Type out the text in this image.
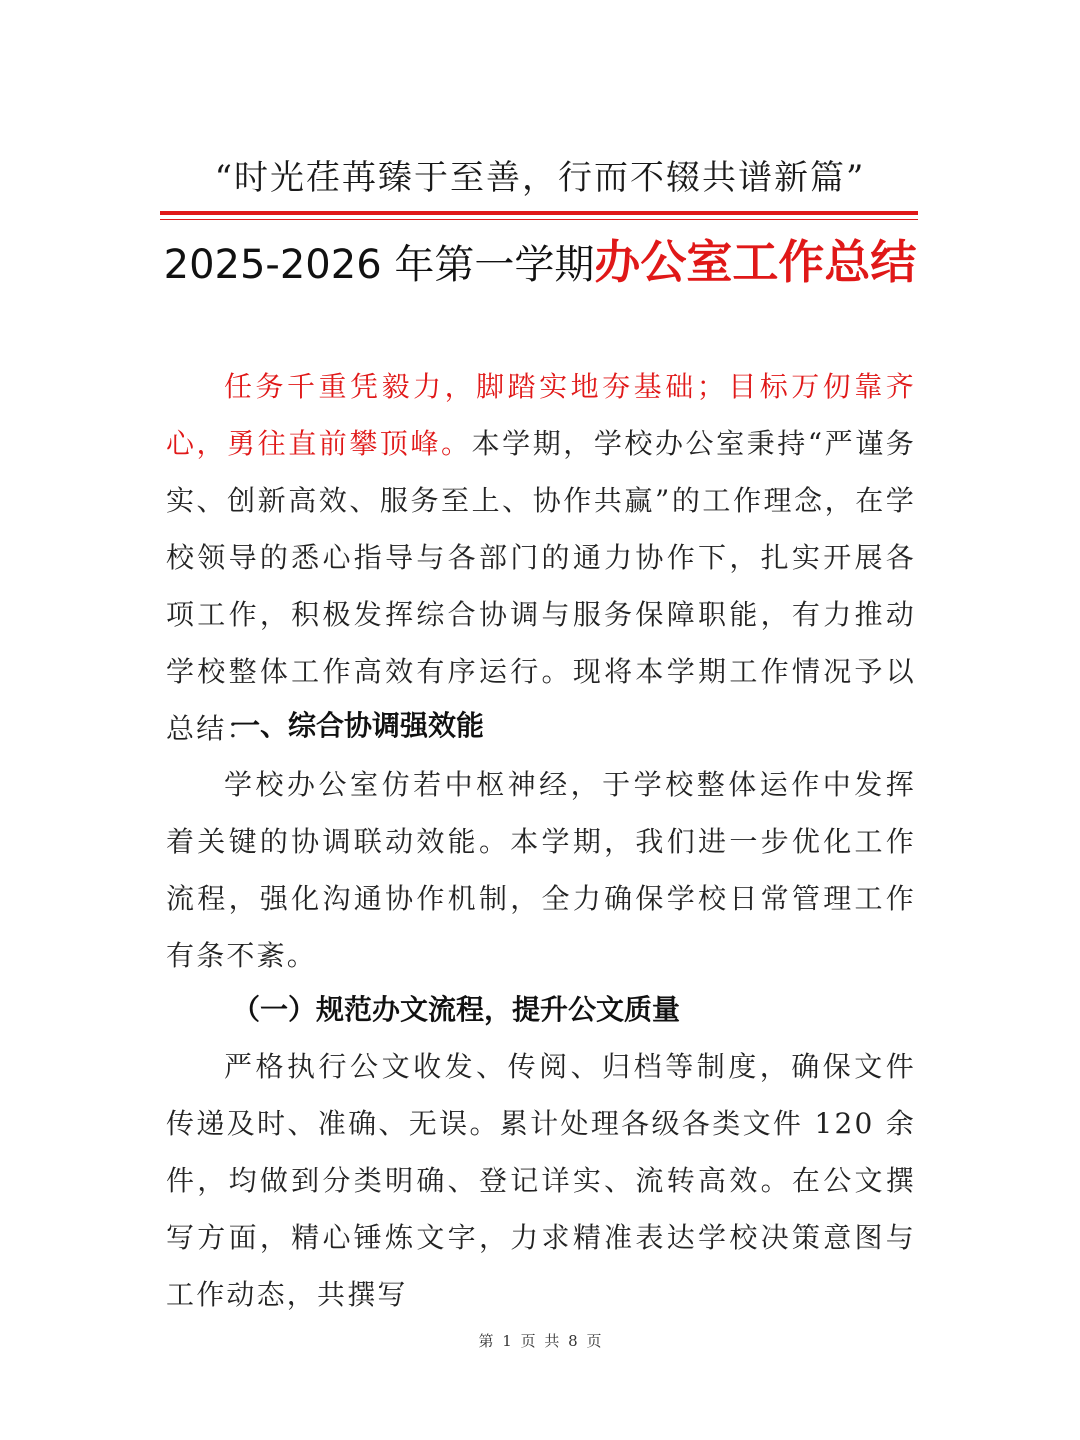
“时光荏苒臻于至善，行而不辍共谱新篇”
2025-2026 年第一学期办公室工作总结
任务千重凭毅力，脚踏实地夯基础；目标万仞靠齐心，勇往直前攀顶峰。本学期，学校办公室秉持“严谨务实、创新高效、服务至上、协作共赢”的工作理念，在学校领导的悉心指导与各部门的通力协作下，扎实开展各项工作，积极发挥综合协调与服务保障职能，有力推动学校整体工作高效有序运行。现将本学期工作情况予以总结：
一、综合协调强效能
学校办公室仿若中枢神经，于学校整体运作中发挥着关键的协调联动效能。本学期，我们进一步优化工作流程，强化沟通协作机制，全力确保学校日常管理工作有条不紊。
（一）规范办文流程，提升公文质量
严格执行公文收发、传阅、归档等制度，确保文件传递及时、准确、无误。累计处理各级各类文件 120 余件，均做到分类明确、登记详实、流转高效。在公文撰写方面，精心锤炼文字，力求精准表达学校决策意图与工作动态，共撰写
第 1 页 共 8 页
